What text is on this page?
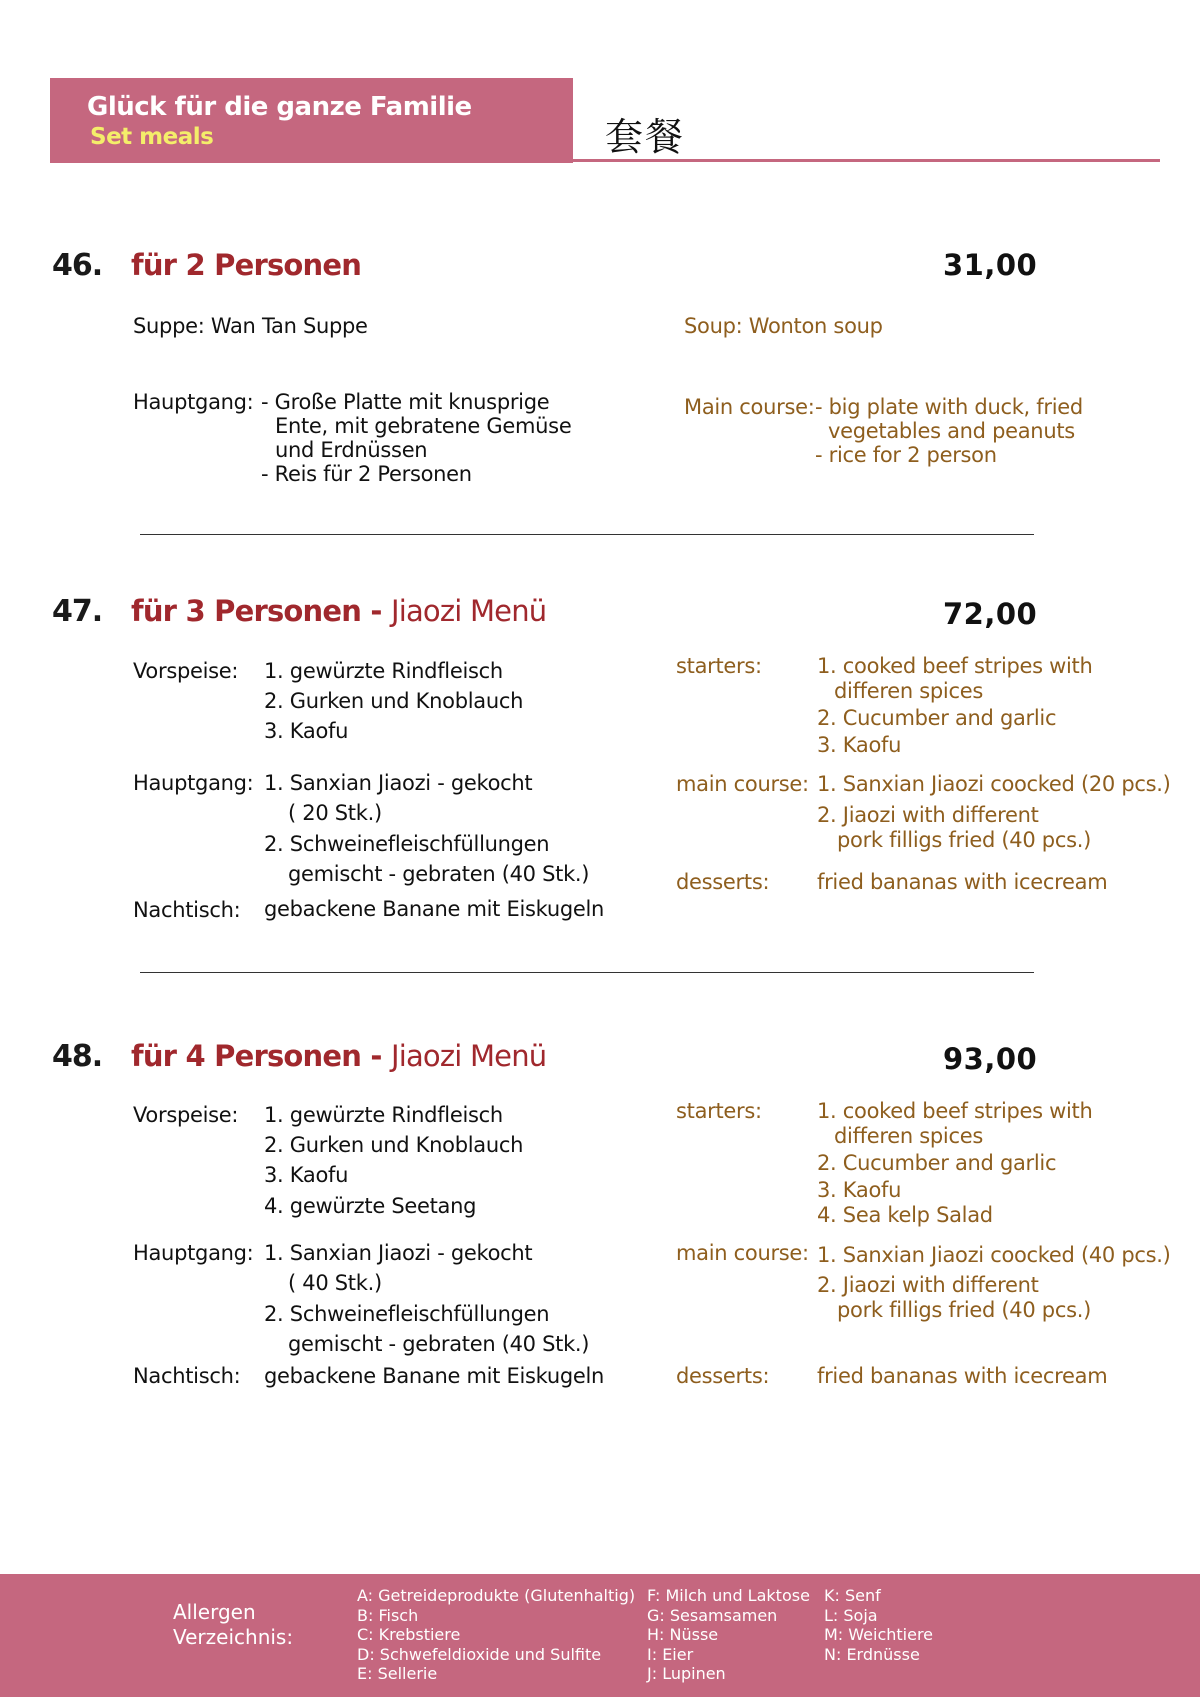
Glück für die ganze Familie
Set meals	套餐
46. für 2 Personen	31,00
Suppe: Wan Tan Suppe	Soup: Wonton soup
Hauptgang: - Große Platte mit knusprige
Ente, mit gebratene Gemüse
und Erdnüssen
- Reis für 2 Personen
Main course: - big plate with duck, fried
vegetables and peanuts
- rice for 2 person
47. für 3 Personen - Jiaozi Menü	72,00
Vorspeise: 1. gewürzte Rindfleisch
2. Gurken und Knoblauch
3. Kaofu
Hauptgang: 1. Sanxian Jiaozi - gekocht
( 20 Stk.)
2. Schweinefleischfüllungen
gemischt - gebraten (40 Stk.)
Nachtisch: gebackene Banane mit Eiskugeln
starters:	1. cooked beef stripes with
differen spices
2. Cucumber and garlic
3. Kaofu
main course: 1. Sanxian Jiaozi coocked (20 pcs.)
2. Jiaozi with different
pork filligs fried (40 pcs.)
desserts: fried bananas with icecream
48. für 4 Personen - Jiaozi Menü	93,00
Vorspeise: 1. gewürzte Rindfleisch
2. Gurken und Knoblauch
3. Kaofu
4. gewürzte Seetang
Hauptgang: 1. Sanxian Jiaozi - gekocht
( 40 Stk.)
2. Schweinefleischfüllungen
gemischt - gebraten (40 Stk.)
Nachtisch: gebackene Banane mit Eiskugeln
starters:	1. cooked beef stripes with
differen spices
2. Cucumber and garlic
3. Kaofu
4. Sea kelp Salad
main course: 1. Sanxian Jiaozi coocked (40 pcs.)
2. Jiaozi with different
pork filligs fried (40 pcs.)
desserts: fried bananas with icecream
Allergen
Verzeichnis:
A: Getreideprodukte (Glutenhaltig)
B: Fisch
C: Krebstiere
D: Schwefeldioxide und Sulfite
E: Sellerie
F: Milch und Laktose
G: Sesamsamen
H: Nüsse
I: Eier
J: Lupinen
K: Senf
L: Soja
M: Weichtiere
N: Erdnüsse
